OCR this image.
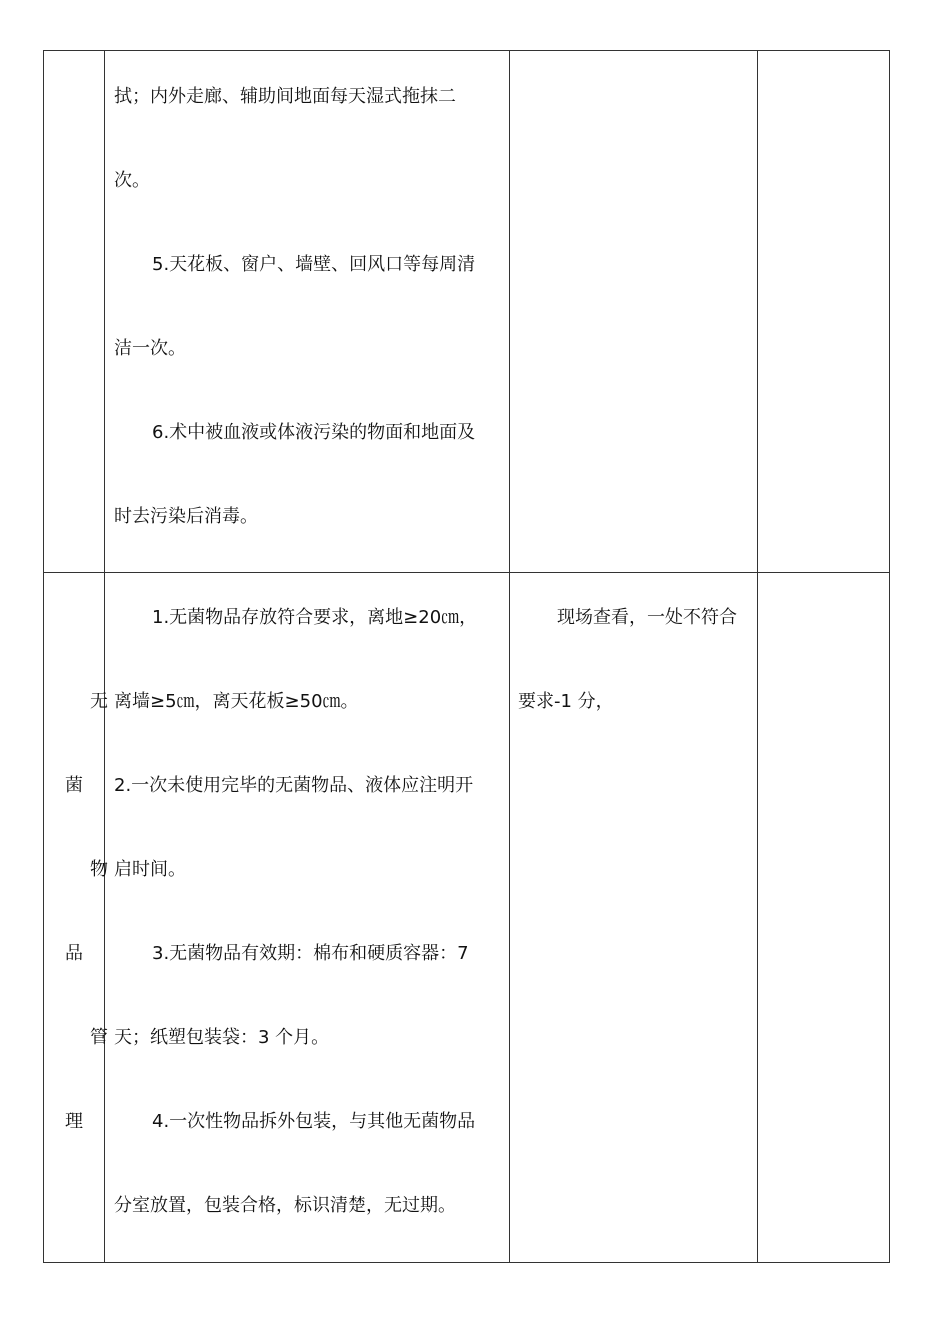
拭；内外走廊、辅助间地面每天湿式拖抹二
次。
5.天花板、窗户、墙壁、回风口等每周清
洁一次。
6.术中被血液或体液污染的物面和地面及
时去污染后消毒。
无
菌
物
品
管
理
1.无菌物品存放符合要求，离地≥20㎝，
离墙≥5㎝，离天花板≥50㎝。
2.一次未使用完毕的无菌物品、液体应注明开
启时间。
3.无菌物品有效期：棉布和硬质容器：7
天；纸塑包装袋：3 个月。
4.一次性物品拆外包装，与其他无菌物品
分室放置，包装合格，标识清楚，无过期。
现场查看，一处不符合
要求-1 分，
